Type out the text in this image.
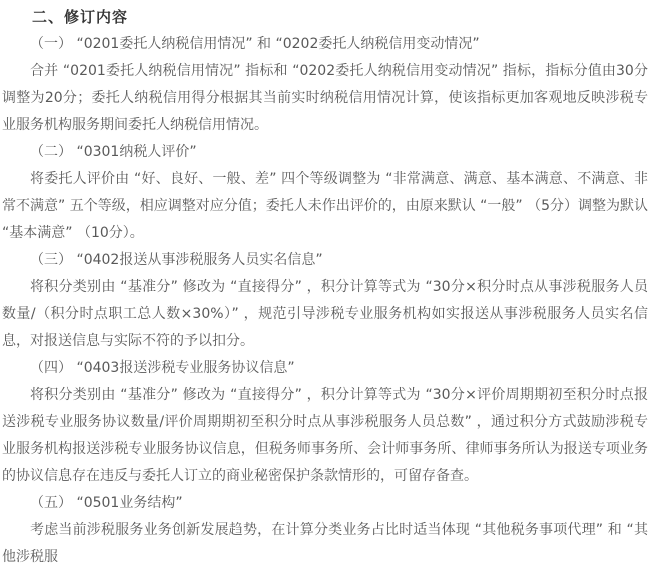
二、修订内容

（一） “0201委托人纳税信用情况” 和 “0202委托人纳税信用变动情况”

合并 “0201委托人纳税信用情况” 指标和 “0202委托人纳税信用变动情况” 指标，指标分值由30分调整为20分；委托人纳税信用得分根据其当前实时纳税信用情况计算，使该指标更加客观地反映涉税专业服务机构服务期间委托人纳税信用情况。

（二） “0301纳税人评价”

将委托人评价由 “好、良好、一般、差” 四个等级调整为 “非常满意、满意、基本满意、不满意、非常不满意” 五个等级，相应调整对应分值；委托人未作出评价的，由原来默认 “一般” （5分）调整为默认 “基本满意” （10分）。

（三） “0402报送从事涉税服务人员实名信息”

将积分类别由 “基准分” 修改为 “直接得分” ，积分计算等式为 “30分×积分时点从事涉税服务人员数量/（积分时点职工总人数×30%）” ，规范引导涉税专业服务机构如实报送从事涉税服务人员实名信息，对报送信息与实际不符的予以扣分。

（四） “0403报送涉税专业服务协议信息”

将积分类别由 “基准分” 修改为 “直接得分” ，积分计算等式为 “30分×评价周期期初至积分时点报送涉税专业服务协议数量/评价周期期初至积分时点从事涉税服务人员总数” ，通过积分方式鼓励涉税专业服务机构报送涉税专业服务协议信息，但税务师事务所、会计师事务所、律师事务所认为报送专项业务的协议信息存在违反与委托人订立的商业秘密保护条款情形的，可留存备查。

（五） “0501业务结构”

考虑当前涉税服务业务创新发展趋势，在计算分类业务占比时适当体现 “其他税务事项代理” 和 “其他涉税服
